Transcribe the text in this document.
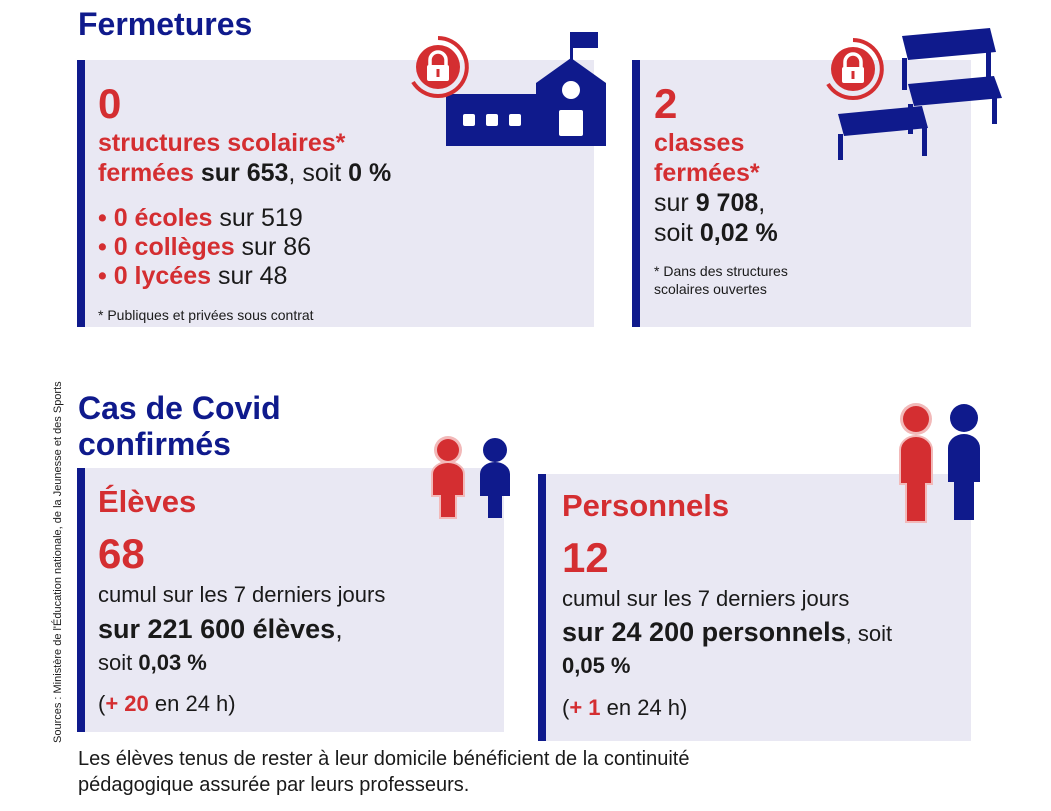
Fermetures
0
structures scolaires*
fermées sur 653, soit 0 %
• 0 écoles sur 519
• 0 collèges sur 86
• 0 lycées sur 48
* Publiques et privées sous contrat
2
classes
fermées*
sur 9 708,
soit 0,02 %
* Dans des structures
scolaires ouvertes
Sources : Ministère de l'Éducation nationale, de la Jeunesse et des Sports Cas de Covid
confirmés
Élèves
68
cumul sur les 7 derniers jours
sur 221 600 élèves,
soit 0,03 %
(+ 20 en 24 h)
Personnels
12
cumul sur les 7 derniers jours
sur 24 200 personnels, soit
0,05 %
(+ 1 en 24 h)
Les élèves tenus de rester à leur domicile bénéficient de la continuité
pédagogique assurée par leurs professeurs.
